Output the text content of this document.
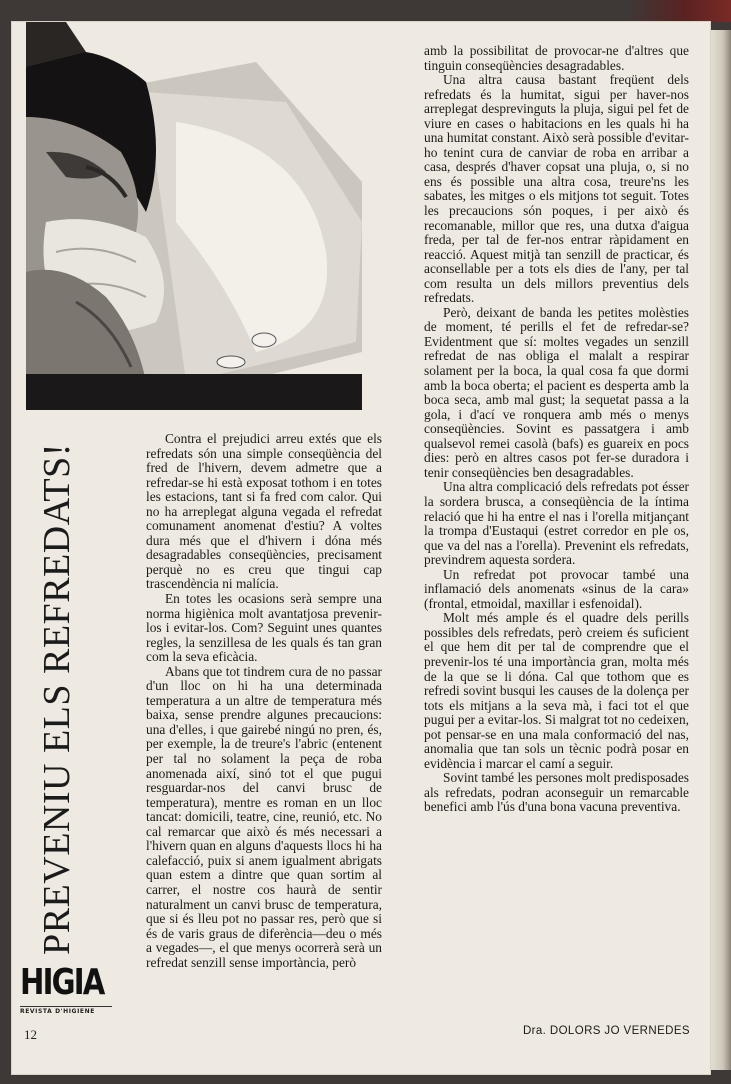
PREVENIU ELS REFREDATS!
HIGIA
REVISTA D'HIGIENE
12

Contra el prejudici arreu extés que els refredats són una simple conseqüència del fred de l'hivern, devem admetre que a refredar-se hi està exposat tothom i en totes les estacions, tant si fa fred com calor. Qui no ha arreplegat alguna vegada el refredat comunament anomenat d'estiu? A voltes dura més que el d'hivern i dóna més desagradables conseqüències, precisament perquè no es creu que tingui cap trascendència ni malícia.

En totes les ocasions serà sempre una norma higiènica molt avantatjosa prevenir-los i evitar-los. Com? Seguint unes quantes regles, la senzillesa de les quals és tan gran com la seva eficàcia.

Abans que tot tindrem cura de no passar d'un lloc on hi ha una determinada temperatura a un altre de temperatura més baixa, sense prendre algunes precaucions: una d'elles, i que gairebé ningú no pren, és, per exemple, la de treure's l'abric (entenent per tal no solament la peça de roba anomenada així, sinó tot el que pugui resguardar-nos del canvi brusc de temperatura), mentre es roman en un lloc tancat: domicili, teatre, cine, reunió, etc. No cal remarcar que això és més necessari a l'hivern quan en alguns d'aquests llocs hi ha calefacció, puix si anem igualment abrigats quan estem a dintre que quan sortim al carrer, el nostre cos haurà de sentir naturalment un canvi brusc de temperatura, que si és lleu pot no passar res, però que si és de varis graus de diferència—deu o més a vegades—, el que menys ocorrerà serà un refredat senzill sense importància, però

amb la possibilitat de provocar-ne d'altres que tinguin conseqüències desagradables.

Una altra causa bastant freqüent dels refredats és la humitat, sigui per haver-nos arreplegat desprevinguts la pluja, sigui pel fet de viure en cases o habitacions en les quals hi ha una humitat constant. Això serà possible d'evitar-ho tenint cura de canviar de roba en arribar a casa, després d'haver copsat una pluja, o, si no ens és possible una altra cosa, treure'ns les sabates, les mitges o els mitjons tot seguit. Totes les precaucions són poques, i per això és recomanable, millor que res, una dutxa d'aigua freda, per tal de fer-nos entrar ràpidament en reacció. Aquest mitjà tan senzill de practicar, és aconsellable per a tots els dies de l'any, per tal com resulta un dels millors preventius dels refredats.

Però, deixant de banda les petites molèsties de moment, té perills el fet de refredar-se? Evidentment que sí: moltes vegades un senzill refredat de nas obliga el malalt a respirar solament per la boca, la qual cosa fa que dormi amb la boca oberta; el pacient es desperta amb la boca seca, amb mal gust; la sequetat passa a la gola, i d'ací ve ronquera amb més o menys conseqüències. Sovint es passatgera i amb qualsevol remei casolà (bafs) es guareix en pocs dies: però en altres casos pot fer-se duradora i tenir conseqüències ben desagradables.

Una altra complicació dels refredats pot ésser la sordera brusca, a conseqüència de la íntima relació que hi ha entre el nas i l'orella mitjançant la trompa d'Eustaqui (estret corredor en ple os, que va del nas a l'orella). Prevenint els refredats, previndrem aquesta sordera.

Un refredat pot provocar també una inflamació dels anomenats «sinus de la cara» (frontal, etmoidal, maxillar i esfenoidal).

Molt més ample és el quadre dels perills possibles dels refredats, però creiem és suficient el que hem dit per tal de comprendre que el prevenir-los té una importància gran, molta més de la que se li dóna. Cal que tothom que es refredi sovint busqui les causes de la dolença per tots els mitjans a la seva mà, i faci tot el que pugui per a evitar-los. Si malgrat tot no cedeixen, pot pensar-se en una mala conformació del nas, anomalia que tan sols un tècnic podrà posar en evidència i marcar el camí a seguir.

Sovint també les persones molt predisposades als refredats, podran aconseguir un remarcable benefici amb l'ús d'una bona vacuna preventiva.

Dra. DOLORS JO VERNEDES
